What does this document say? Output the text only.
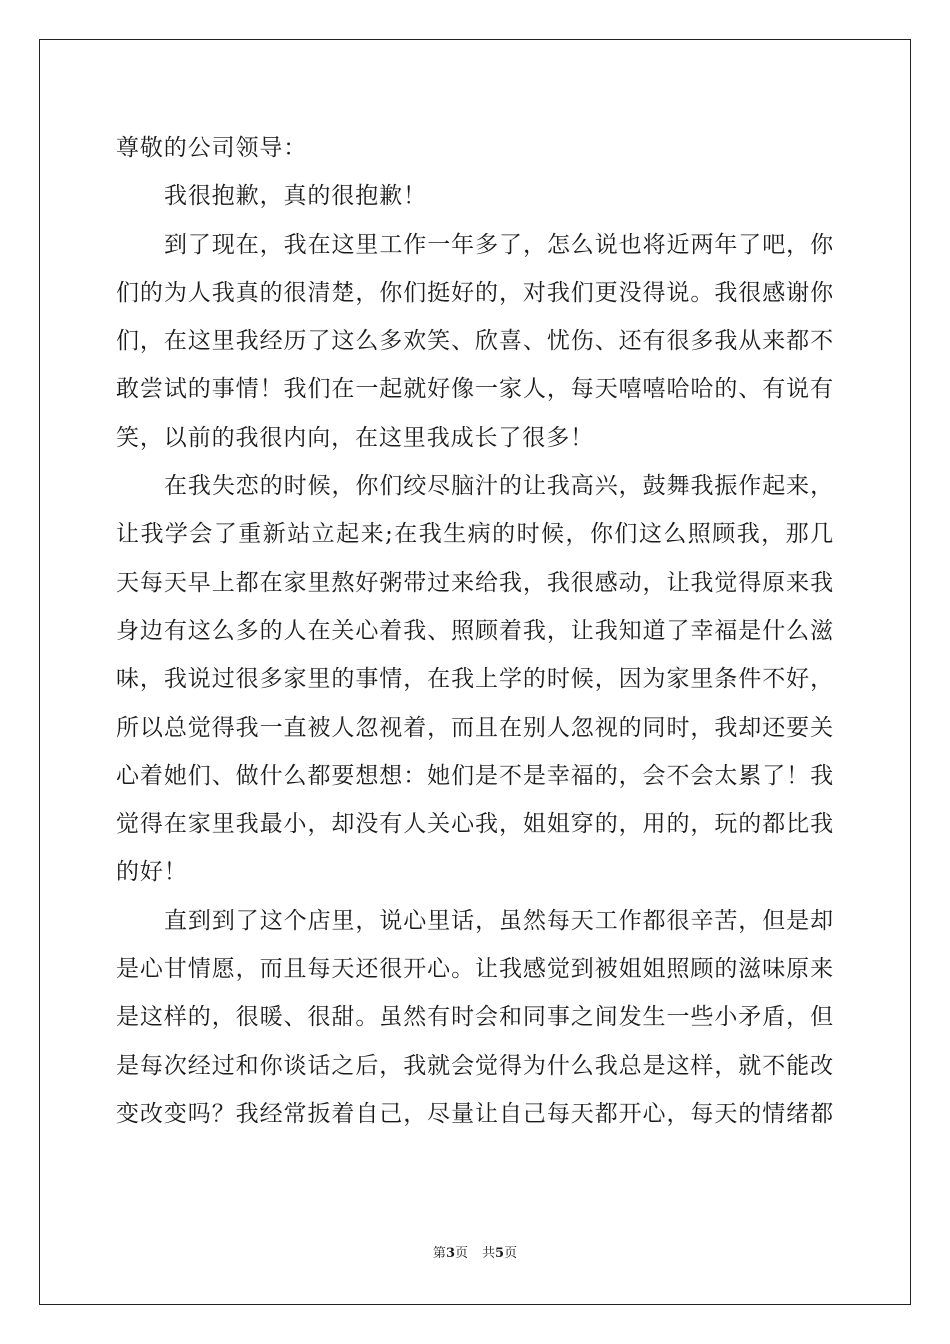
尊敬的公司领导：
我很抱歉，真的很抱歉！
到了现在，我在这里工作一年多了，怎么说也将近两年了吧，你
们的为人我真的很清楚，你们挺好的，对我们更没得说。我很感谢你
们，在这里我经历了这么多欢笑、欣喜、忧伤、还有很多我从来都不
敢尝试的事情！我们在一起就好像一家人，每天嘻嘻哈哈的、有说有
笑，以前的我很内向，在这里我成长了很多！
在我失恋的时候，你们绞尽脑汁的让我高兴，鼓舞我振作起来，
让我学会了重新站立起来;在我生病的时候，你们这么照顾我，那几
天每天早上都在家里熬好粥带过来给我，我很感动，让我觉得原来我
身边有这么多的人在关心着我、照顾着我，让我知道了幸福是什么滋
味，我说过很多家里的事情，在我上学的时候，因为家里条件不好，
所以总觉得我一直被人忽视着，而且在别人忽视的同时，我却还要关
心着她们、做什么都要想想：她们是不是幸福的，会不会太累了！我
觉得在家里我最小，却没有人关心我，姐姐穿的，用的，玩的都比我
的好！
直到到了这个店里，说心里话，虽然每天工作都很辛苦，但是却
是心甘情愿，而且每天还很开心。让我感觉到被姐姐照顾的滋味原来
是这样的，很暖、很甜。虽然有时会和同事之间发生一些小矛盾，但
是每次经过和你谈话之后，我就会觉得为什么我总是这样，就不能改
变改变吗？我经常扳着自己，尽量让自己每天都开心，每天的情绪都
第3页 共5页
